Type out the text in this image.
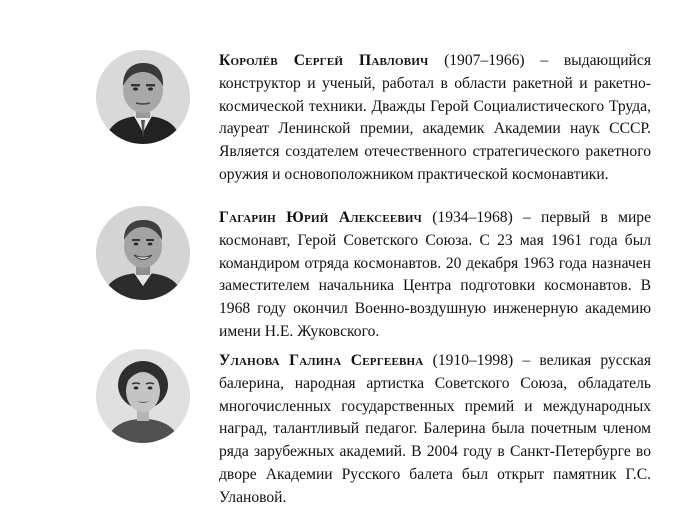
Королёв Сергей Павлович (1907–1966) – выдающийся конструктор и ученый, работал в области ракетной и ракетно-космической техники. Дважды Герой Социалистического Труда, лауреат Ленинской премии, академик Академии наук СССР. Является создателем отечественного стратегического ракетного оружия и основоположником практической космонавтики.

Гагарин Юрий Алексеевич (1934–1968) – первый в мире космонавт, Герой Советского Союза. С 23 мая 1961 года был командиром отряда космонавтов. 20 декабря 1963 года назначен заместителем начальника Центра подготовки космонавтов. В 1968 году окончил Военно-воздушную инженерную академию имени Н.Е. Жуковского.

Уланова Галина Сергеевна (1910–1998) – великая русская балерина, народная артистка Советского Союза, обладатель многочисленных государственных премий и международных наград, талантливый педагог. Балерина была почетным членом ряда зарубежных академий. В 2004 году в Санкт-Петербурге во дворе Академии Русского балета был открыт памятник Г.С. Улановой.
